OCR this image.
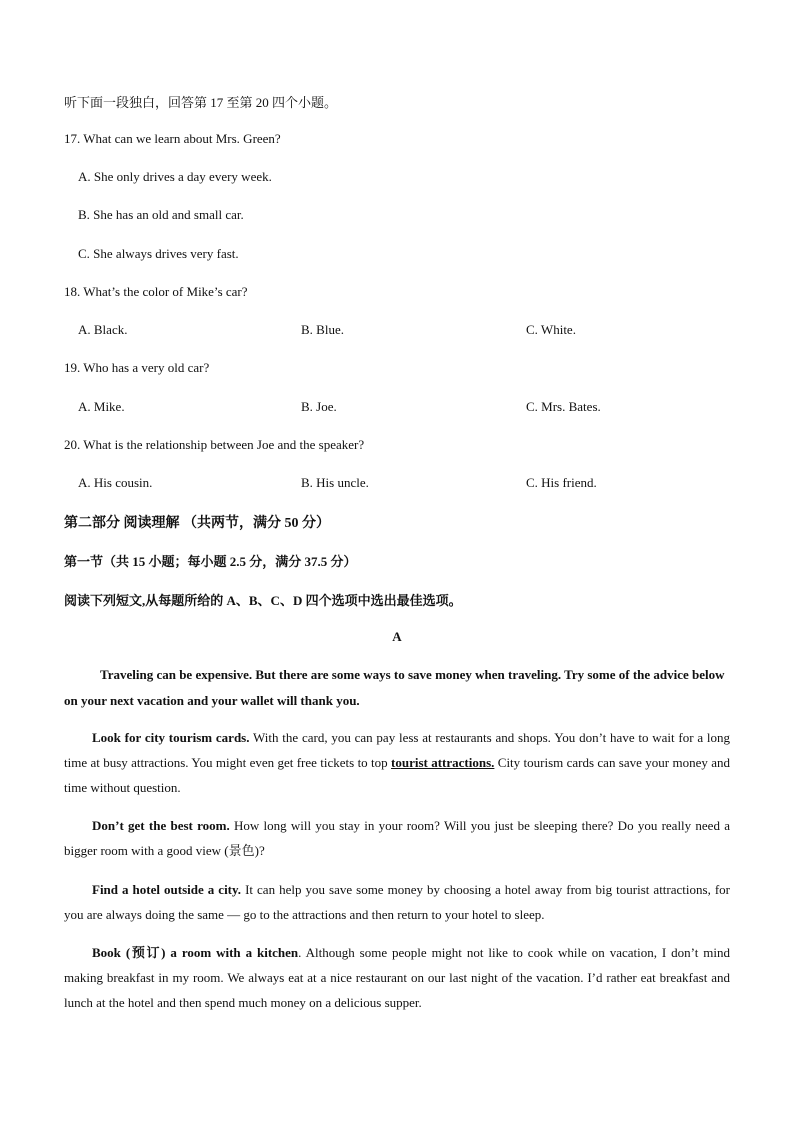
听下面一段独白，回答第 17 至第 20 四个小题。
17. What can we learn about Mrs. Green?
A. She only drives a day every week.
B. She has an old and small car.
C. She always drives very fast.
18. What’s the color of Mike’s car?
A. Black.	B. Blue.	C. White.
19. Who has a very old car?
A. Mike.	B. Joe.	C. Mrs. Bates.
20. What is the relationship between Joe and the speaker?
A. His cousin.	B. His uncle.	C. His friend.
第二部分 阅读理解 （共两节，满分 50 分）
第一节（共 15 小题；每小题 2.5 分，满分 37.5 分）
阅读下列短文,从每题所给的 A、B、C、D 四个选项中选出最佳选项。
A
Traveling can be expensive. But there are some ways to save money when traveling. Try some of the advice below on your next vacation and your wallet will thank you.
Look for city tourism cards. With the card, you can pay less at restaurants and shops. You don’t have to wait for a long time at busy attractions. You might even get free tickets to top tourist attractions. City tourism cards can save your money and time without question.
Don’t get the best room. How long will you stay in your room? Will you just be sleeping there? Do you really need a bigger room with a good view (景色)?
Find a hotel outside a city. It can help you save some money by choosing a hotel away from big tourist attractions, for you are always doing the same — go to the attractions and then return to your hotel to sleep.
Book (预订) a room with a kitchen. Although some people might not like to cook while on vacation, I don’t mind making breakfast in my room. We always eat at a nice restaurant on our last night of the vacation. I’d rather eat breakfast and lunch at the hotel and then spend much money on a delicious supper.
